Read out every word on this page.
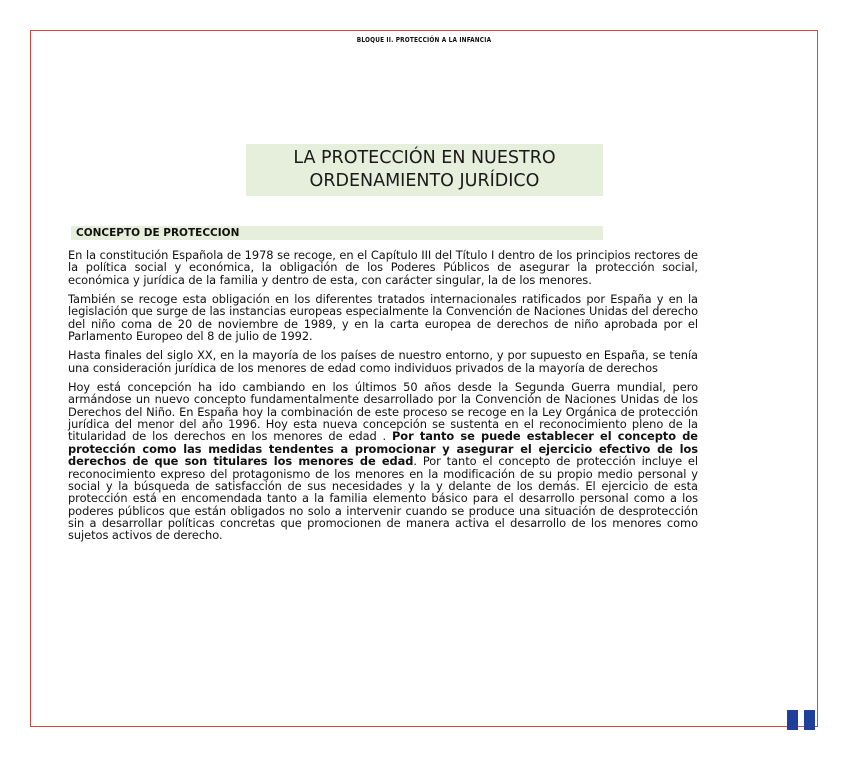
BLOQUE II. PROTECCIÓN A LA INFANCIA
LA PROTECCIÓN EN NUESTRO
ORDENAMIENTO JURÍDICO
CONCEPTO DE PROTECCION

En la constitución Española de 1978 se recoge, en el Capítulo III del Título I dentro de los principios rectores de la política social y económica, la obligación de los Poderes Públicos de asegurar la protección social, económica y jurídica de la familia y dentro de esta, con carácter singular, la de los menores.

También se recoge esta obligación en los diferentes tratados internacionales ratificados por España y en la legislación que surge de las instancias europeas especialmente la Convención de Naciones Unidas del derecho del niño coma de 20 de noviembre de 1989, y en la carta europea de derechos de niño aprobada por el Parlamento Europeo del 8 de julio de 1992.

Hasta finales del siglo XX, en la mayoría de los países de nuestro entorno, y por supuesto en España, se tenía una consideración jurídica de los menores de edad como individuos privados de la mayoría de derechos

Hoy está concepción ha ido cambiando en los últimos 50 años desde la Segunda Guerra mundial, pero armándose un nuevo concepto fundamentalmente desarrollado por la Convención de Naciones Unidas de los Derechos del Niño. En España hoy la combinación de este proceso se recoge en la Ley Orgánica de protección jurídica del menor del año 1996. Hoy esta nueva concepción se sustenta en el reconocimiento pleno de la titularidad de los derechos en los menores de edad . Por tanto se puede establecer el concepto de protección como las medidas tendentes a promocionar y asegurar el ejercicio efectivo de los derechos de que son titulares los menores de edad. Por tanto el concepto de protección incluye el reconocimiento expreso del protagonismo de los menores en la modificación de su propio medio personal y social y la búsqueda de satisfacción de sus necesidades y la y delante de los demás. El ejercicio de esta protección está en encomendada tanto a la familia elemento básico para el desarrollo personal como a los poderes públicos que están obligados no solo a intervenir cuando se produce una situación de desprotección sin a desarrollar políticas concretas que promocionen de manera activa el desarrollo de los menores como sujetos activos de derecho.
